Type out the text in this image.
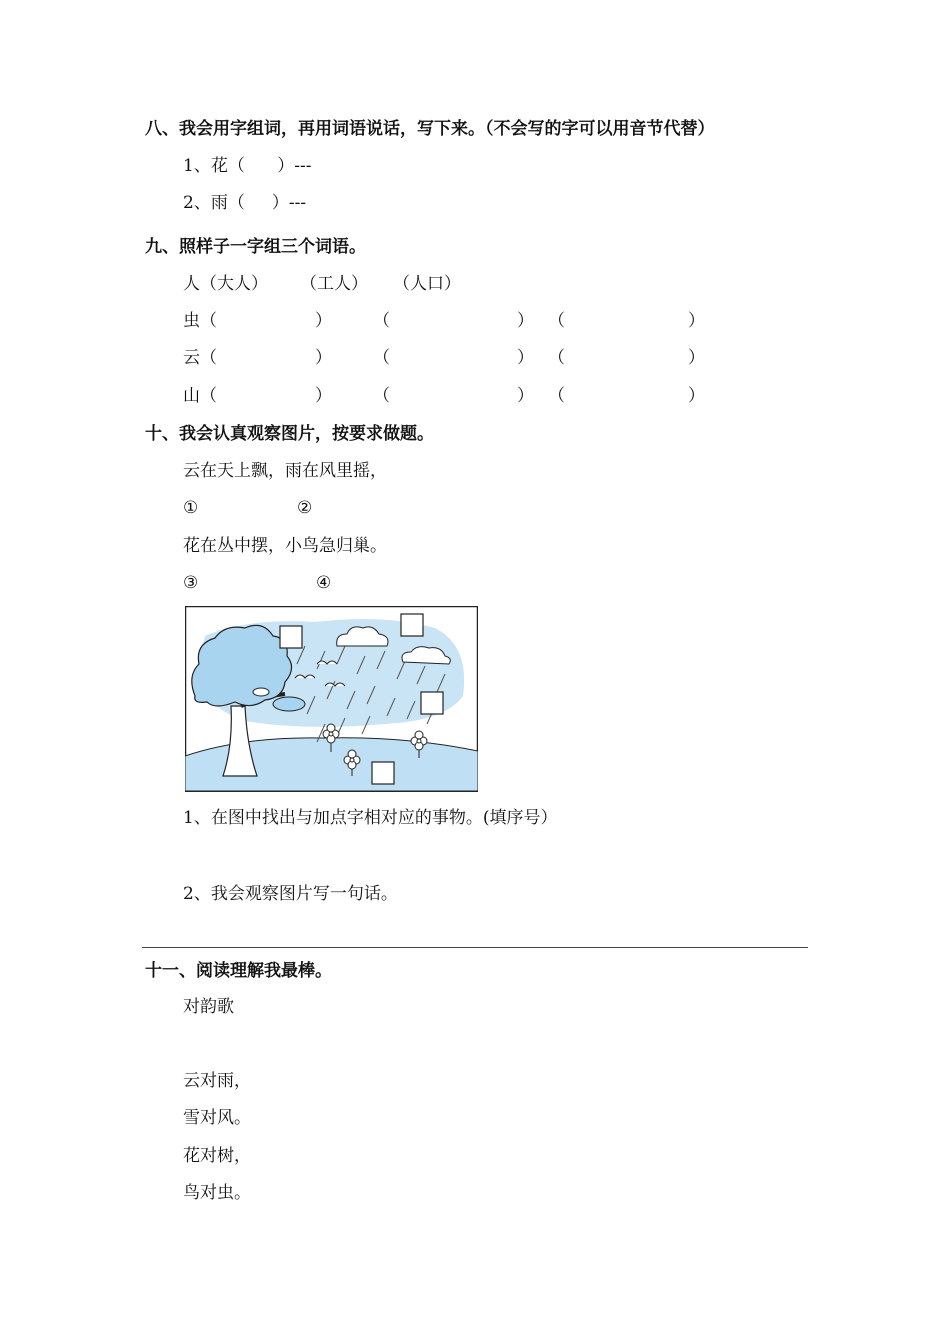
八、我会用字组词，再用词语说话，写下来。（不会写的字可以用音节代替）
1、花（      ）---
2、雨（     ）---
九、照样子一字组三个词语。
人（大人） （工人） （人口）
虫 （	） （	） （	）
云 （	） （	） （	）
山 （	） （	） （	）
十、我会认真观察图片，按要求做题。
云在天上飘，雨在风里摇，
①	②
花在丛中摆，小鸟急归巢。
③	④
1、在图中找出与加点字相对应的事物。(填序号）
2、我会观察图片写一句话。
十一、阅读理解我最棒。
对韵歌
云对雨，
雪对风。
花对树，
鸟对虫。
